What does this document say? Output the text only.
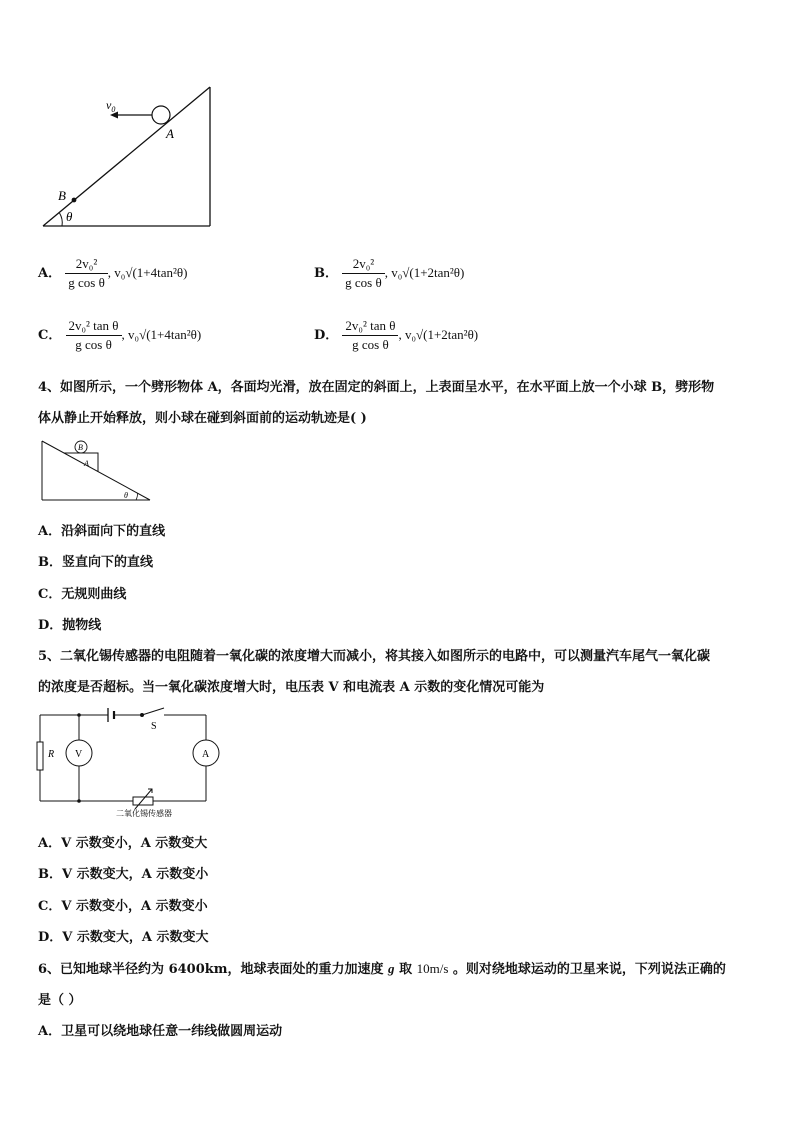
$v_0$
A
B
θ
A． $\frac{\text{2v₀²}}{\text{g cos θ}}$ , v₀√(1+4tan²θ)	B． $\frac{\text{2v₀²}}{\text{g cos θ}}$ , v₀√(1+2tan²θ)
C． $\frac{\text{2v₀² tan θ}}{\text{g cos θ}}$ , v₀√(1+4tan²θ)	D． $\frac{\text{2v₀² tan θ}}{\text{g cos θ}}$ , v₀√(1+2tan²θ)
4、如图所示，一个劈形物体 A，各面均光滑，放在固定的斜面上，上表面呈水平，在水平面上放一个小球 B，劈形物
体从静止开始释放，则小球在碰到斜面前的运动轨迹是( )
B
A
θ
A．沿斜面向下的直线
B．竖直向下的直线
C．无规则曲线
D．抛物线
5、二氧化锡传感器的电阻随着一氧化碳的浓度增大而减小，将其接入如图所示的电路中，可以测量汽车尾气一氧化碳
的浓度是否超标。当一氧化碳浓度增大时，电压表 V 和电流表 A 示数的变化情况可能为
S
R V	A
二氧化锡传感器
A．V 示数变小，A 示数变大
B．V 示数变大，A 示数变小
C．V 示数变小，A 示数变小
D．V 示数变大，A 示数变大
6、已知地球半径约为 6400km，地球表面处的重力加速度 g 取 10m/s 。则对绕地球运动的卫星来说，下列说法正确的
是（ ）
A．卫星可以绕地球任意一纬线做圆周运动
